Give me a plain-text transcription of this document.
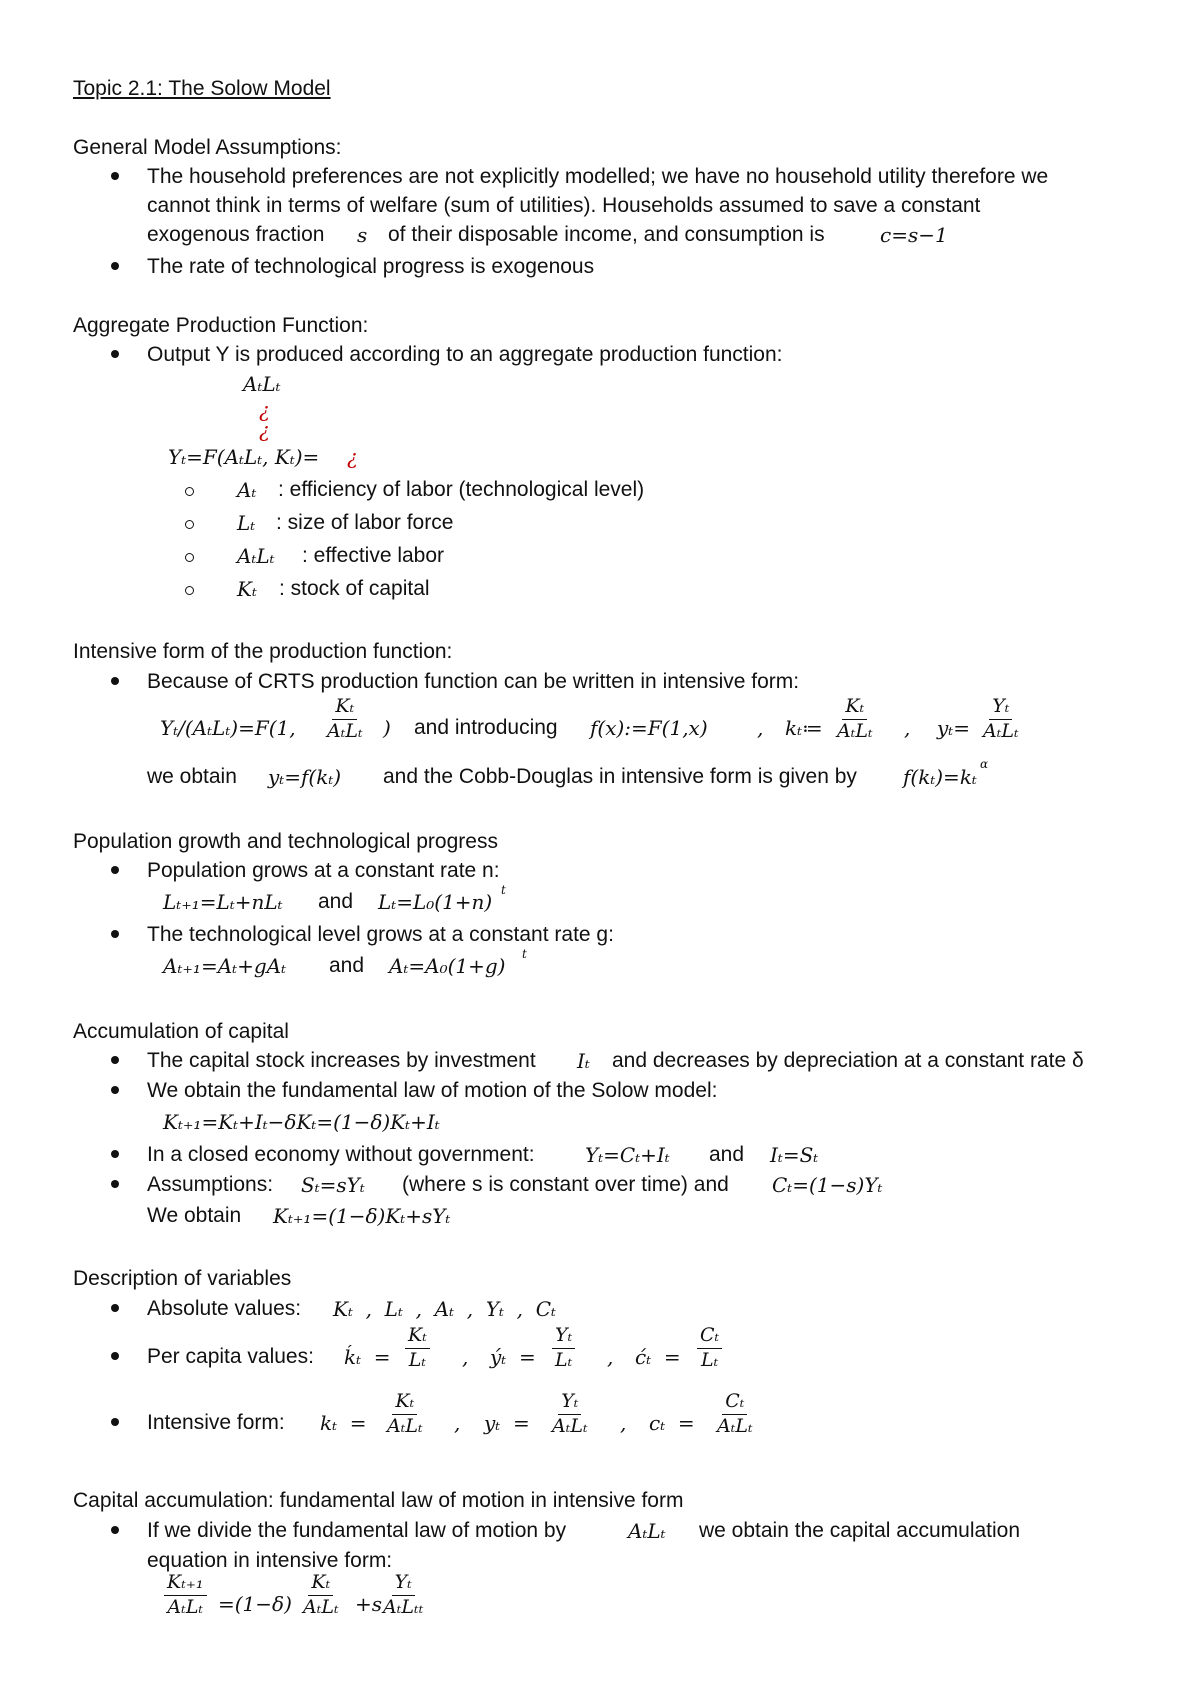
Topic 2.1: The Solow Model
General Model Assumptions:
The household preferences are not explicitly modelled; we have no household utility therefore we
cannot think in terms of welfare (sum of utilities). Households assumed to save a constant
exogenous fraction s of their disposable income, and consumption is	c=s−1
The rate of technological progress is exogenous
Aggregate Production Function:
Output Y is produced according to an aggregate production function:
AₜLₜ
¿
¿
Yₜ=F(AₜLₜ, Kₜ)= ¿
Aₜ : efficiency of labor (technological level)
Lₜ : size of labor force
AₜLₜ : effective labor
Kₜ : stock of capital
Intensive form of the production function:
Because of CRTS production function can be written in intensive form:
Yₜ/(AₜLₜ)=F(1,
Kₜ
AₜLₜ ) and introducing f(x):=F(1,x) , kₜ≔
Kₜ
AₜLₜ , yₜ=
Yₜ
AₜLₜ
we obtain yₜ=f(kₜ) and the Cobb-Douglas in intensive form is given by f(kₜ)=kₜ
α
Population growth and technological progress
Population grows at a constant rate n:
Lₜ₊₁=Lₜ+nLₜ and Lₜ=L₀(1+n) t
The technological level grows at a constant rate g:
Aₜ₊₁=Aₜ+gAₜ and Aₜ=A₀(1+g) t
Accumulation of capital
The capital stock increases by investment Iₜ and decreases by depreciation at a constant rate δ
We obtain the fundamental law of motion of the Solow model:
Kₜ₊₁=Kₜ+Iₜ−δKₜ=(1−δ)Kₜ+Iₜ
In a closed economy without government:	Yₜ=Cₜ+Iₜ and Iₜ=Sₜ
Assumptions: Sₜ=sYₜ (where s is constant over time) and Cₜ=(1−s)Yₜ
We obtain Kₜ₊₁=(1−δ)Kₜ+sYₜ
Description of variables
Absolute values: Kₜ  ,  Lₜ  ,  Aₜ  ,  Yₜ  ,  Cₜ
Per capita values: ḱₜ  = $\frac{\text{Kₜ}}{\text{Lₜ}}$ , ýₜ  = $\frac{\text{Yₜ}}{\text{Lₜ}}$ , ćₜ  = $\frac{\text{Cₜ}}{\text{Lₜ}}$
Intensive form: kₜ  =
Kₜ
AₜLₜ , yₜ  =
Yₜ
AₜLₜ , cₜ  =
Cₜ
AₜLₜ
Capital accumulation: fundamental law of motion in intensive form
If we divide the fundamental law of motion by	AₜLₜ we obtain the capital accumulation
equation in intensive form:
Kₜ₊₁
AₜLₜ =(1−δ)
Kₜ
AₜLₜ +s
Yₜ
AₜLₜₜ
